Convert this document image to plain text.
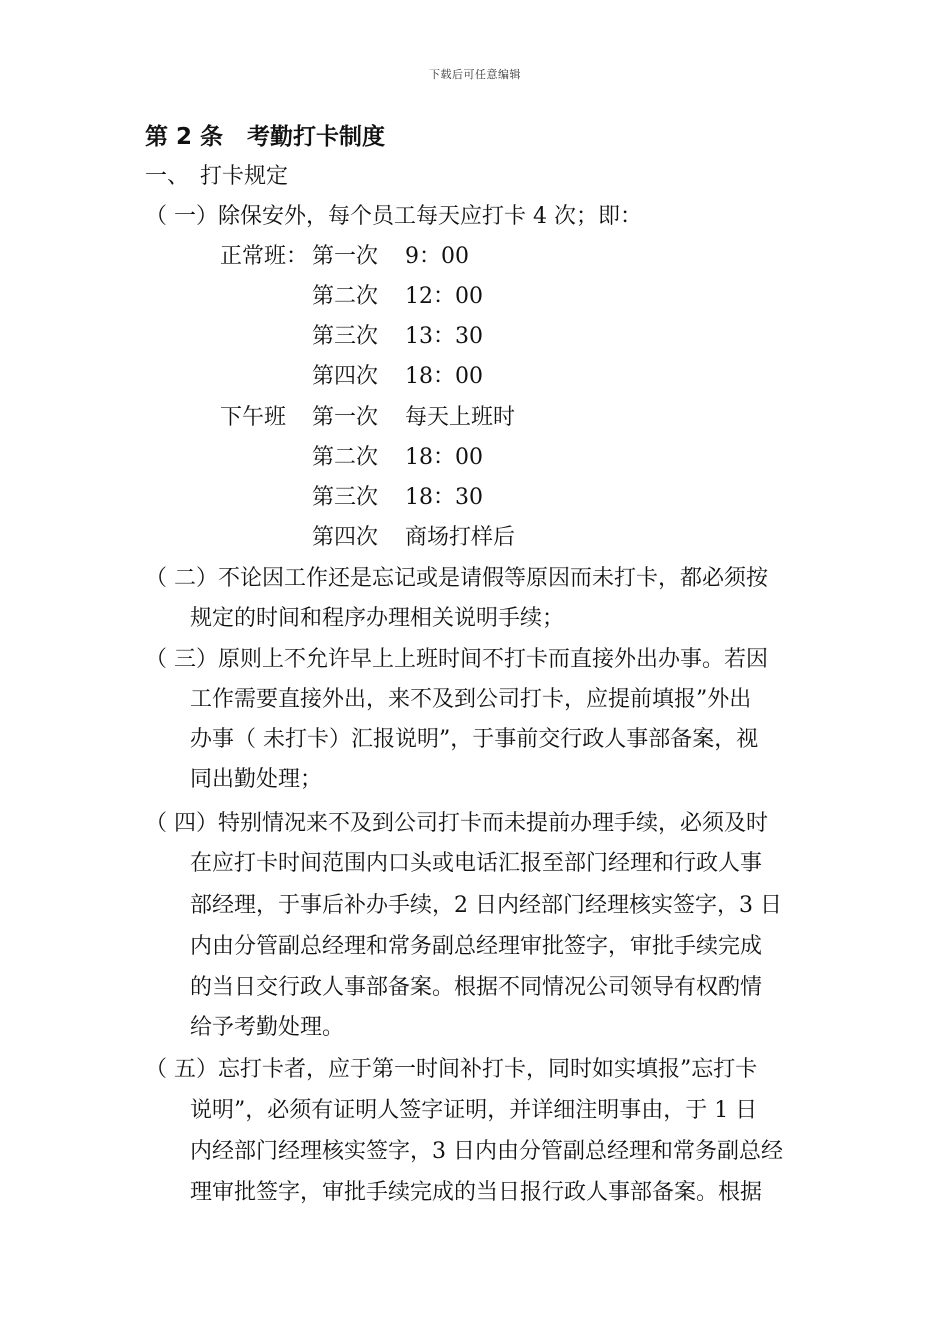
下载后可任意编辑
第 2 条 考勤打卡制度
一、　打卡规定
（ 一）除保安外，每个员工每天应打卡 4 次；即：
正常班： 第一次 9：00
第二次 12：00
第三次 13：30
第四次 18：00
下午班 第一次 每天上班时
第二次 18：00
第三次 18：30
第四次 商场打样后
（ 二）不论因工作还是忘记或是请假等原因而未打卡，都必须按
规定的时间和程序办理相关说明手续；
（ 三）原则上不允许早上上班时间不打卡而直接外出办事。若因
工作需要直接外出，来不及到公司打卡，应提前填报”外出
办事（ 未打卡）汇报说明”，于事前交行政人事部备案，视
同出勤处理；
（ 四）特别情况来不及到公司打卡而未提前办理手续，必须及时
在应打卡时间范围内口头或电话汇报至部门经理和行政人事
部经理，于事后补办手续，2 日内经部门经理核实签字，3 日
内由分管副总经理和常务副总经理审批签字，审批手续完成
的当日交行政人事部备案。根据不同情况公司领导有权酌情
给予考勤处理。
（ 五）忘打卡者，应于第一时间补打卡，同时如实填报”忘打卡
说明”，必须有证明人签字证明，并详细注明事由，于 1 日
内经部门经理核实签字，3 日内由分管副总经理和常务副总经
理审批签字，审批手续完成的当日报行政人事部备案。根据
